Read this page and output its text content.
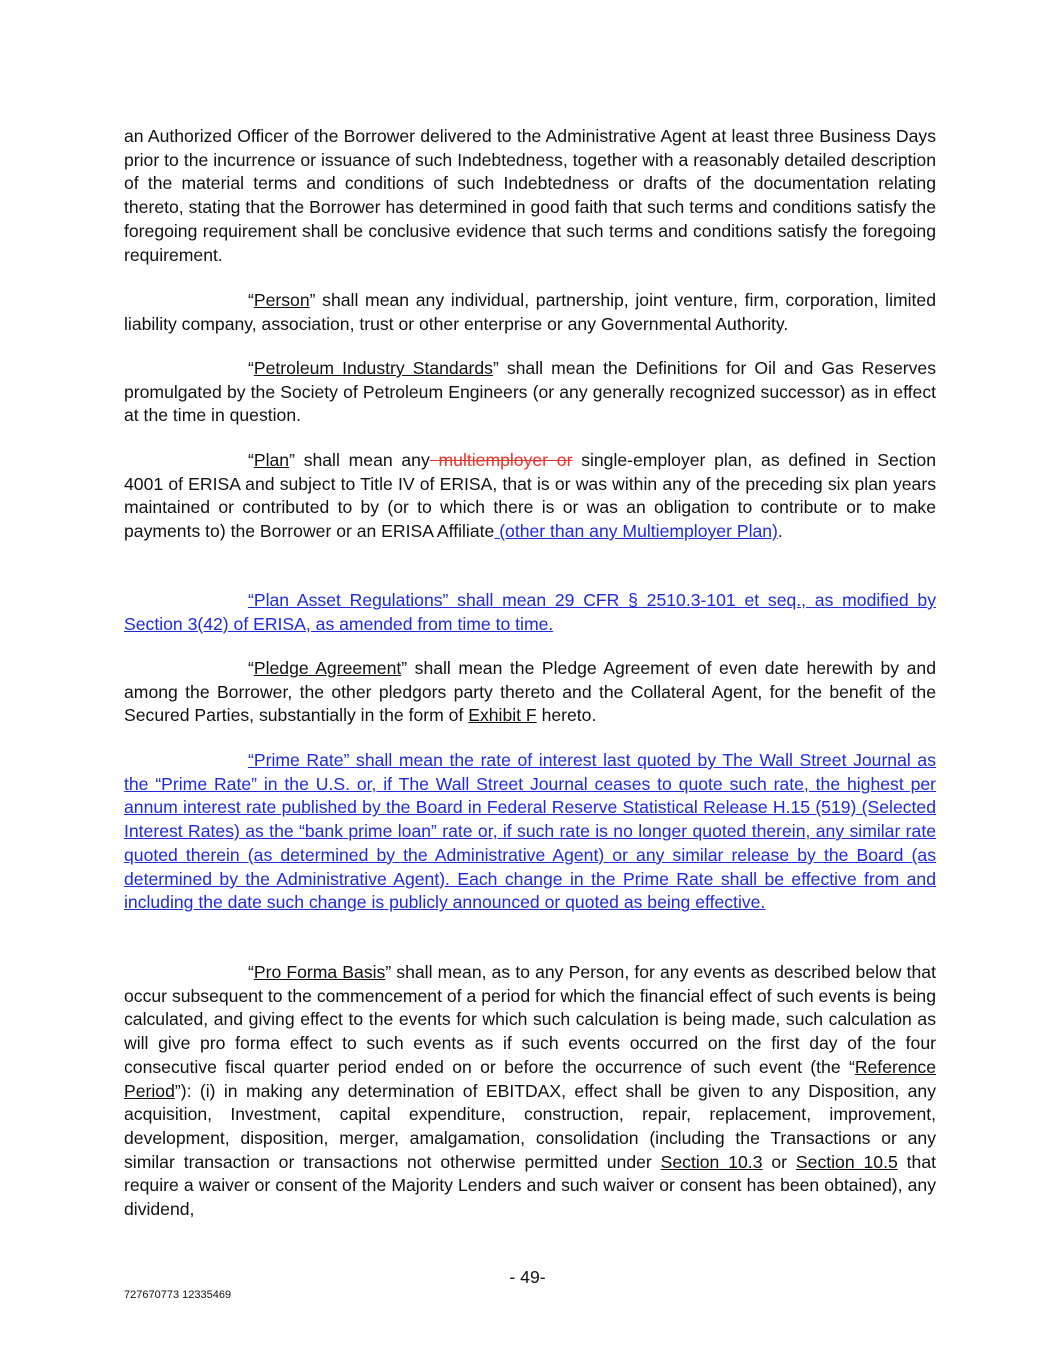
an Authorized Officer of the Borrower delivered to the Administrative Agent at least three Business Days prior to the incurrence or issuance of such Indebtedness, together with a reasonably detailed description of the material terms and conditions of such Indebtedness or drafts of the documentation relating thereto, stating that the Borrower has determined in good faith that such terms and conditions satisfy the foregoing requirement shall be conclusive evidence that such terms and conditions satisfy the foregoing requirement.

“Person” shall mean any individual, partnership, joint venture, firm, corporation, limited liability company, association, trust or other enterprise or any Governmental Authority.

“Petroleum Industry Standards” shall mean the Definitions for Oil and Gas Reserves promulgated by the Society of Petroleum Engineers (or any generally recognized successor) as in effect at the time in question.

“Plan” shall mean any multiemployer or single-employer plan, as defined in Section 4001 of ERISA and subject to Title IV of ERISA, that is or was within any of the preceding six plan years maintained or contributed to by (or to which there is or was an obligation to contribute or to make payments to) the Borrower or an ERISA Affiliate (other than any Multiemployer Plan).

“Plan Asset Regulations” shall mean 29 CFR § 2510.3-101 et seq., as modified by Section 3(42) of ERISA, as amended from time to time.

“Pledge Agreement” shall mean the Pledge Agreement of even date herewith by and among the Borrower, the other pledgors party thereto and the Collateral Agent, for the benefit of the Secured Parties, substantially in the form of Exhibit F hereto.

“Prime Rate” shall mean the rate of interest last quoted by The Wall Street Journal as the “Prime Rate” in the U.S. or, if The Wall Street Journal ceases to quote such rate, the highest per annum interest rate published by the Board in Federal Reserve Statistical Release H.15 (519) (Selected Interest Rates) as the “bank prime loan” rate or, if such rate is no longer quoted therein, any similar rate quoted therein (as determined by the Administrative Agent) or any similar release by the Board (as determined by the Administrative Agent). Each change in the Prime Rate shall be effective from and including the date such change is publicly announced or quoted as being effective.

“Pro Forma Basis” shall mean, as to any Person, for any events as described below that occur subsequent to the commencement of a period for which the financial effect of such events is being calculated, and giving effect to the events for which such calculation is being made, such calculation as will give pro forma effect to such events as if such events occurred on the first day of the four consecutive fiscal quarter period ended on or before the occurrence of such event (the “Reference Period”): (i) in making any determination of EBITDAX, effect shall be given to any Disposition, any acquisition, Investment, capital expenditure, construction, repair, replacement, improvement, development, disposition, merger, amalgamation, consolidation (including the Transactions or any similar transaction or transactions not otherwise permitted under Section 10.3 or Section 10.5 that require a waiver or consent of the Majority Lenders and such waiver or consent has been obtained), any dividend,

- 49-
727670773 12335469
